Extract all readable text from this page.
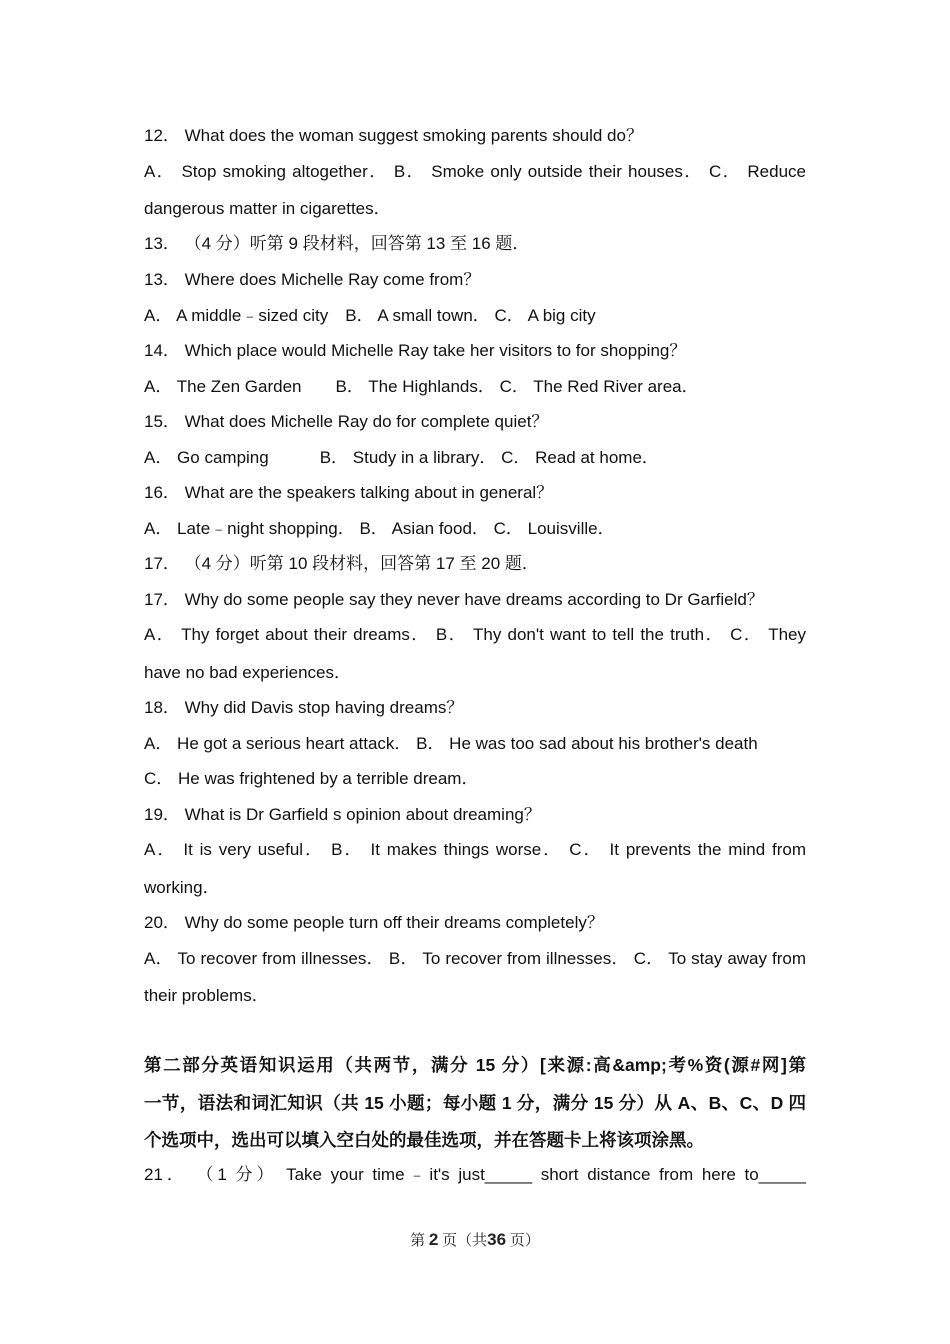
12． What does the woman suggest smoking parents should do？
A． Stop smoking altogether． B． Smoke only outside their houses． C． Reduce
dangerous matter in cigarettes．
13． （4 分）听第 9 段材料，回答第 13 至 16 题．
13． Where does Michelle Ray come from？
A． A middle﹣sized city　B． A small town． C． A big city
14． Which place would Michelle Ray take her visitors to for shopping？
A． The Zen Garden　　B． The Highlands． C． The Red River area．
15． What does Michelle Ray do for complete quiet？
A． Go camping　　　B． Study in a library． C． Read at home．
16． What are the speakers talking about in general？
A． Late﹣night shopping． B． Asian food． C． Louisville．
17． （4 分）听第 10 段材料，回答第 17 至 20 题．
17． Why do some people say they never have dreams according to Dr Garfield？
A． Thy forget about their dreams． B． Thy don't want to tell the truth． C． They
have no bad experiences．
18． Why did Davis stop having dreams？
A． He got a serious heart attack． B． He was too sad about his brother's death
C． He was frightened by a terrible dream．
19． What is Dr Garfield s opinion about dreaming？
A． It is very useful． B． It makes things worse． C． It prevents the mind from
working．
20． Why do some people turn off their dreams completely？
A． To recover from illnesses． B． To recover from illnesses． C． To stay away from
their problems．
第二部分英语知识运用（共两节，满分 15 分）[来源:高&amp;考%资(源#网]第
一节，语法和词汇知识（共 15 小题；每小题 1 分，满分 15 分）从 A、B、C、D 四
个选项中，选出可以填入空白处的最佳选项，并在答题卡上将该项涂黑。
21． （1 分） Take your time﹣it's just_____ short distance from here to_____
第 2 页（共36 页）
